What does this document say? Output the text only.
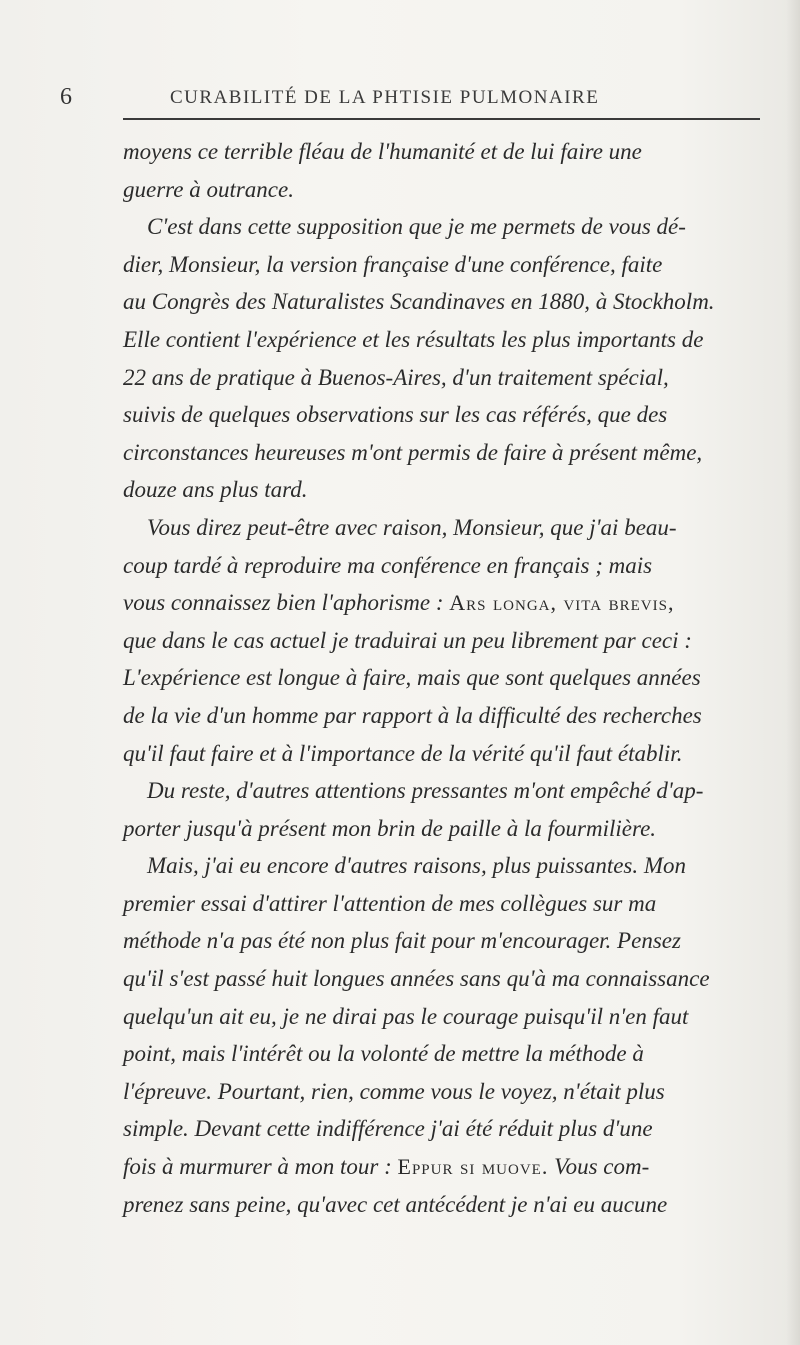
6	CURABILITÉ DE LA PHTISIE PULMONAIRE
moyens ce terrible fléau de l'humanité et de lui faire une
guerre à outrance.
C'est dans cette supposition que je me permets de vous dé-
dier, Monsieur, la version française d'une conférence, faite
au Congrès des Naturalistes Scandinaves en 1880, à Stockholm.
Elle contient l'expérience et les résultats les plus importants de
22 ans de pratique à Buenos-Aires, d'un traitement spécial,
suivis de quelques observations sur les cas référés, que des
circonstances heureuses m'ont permis de faire à présent même,
douze ans plus tard.
Vous direz peut-être avec raison, Monsieur, que j'ai beau-
coup tardé à reproduire ma conférence en français ; mais
vous connaissez bien l'aphorisme : Ars longa, vita brevis,
que dans le cas actuel je traduirai un peu librement par ceci :
L'expérience est longue à faire, mais que sont quelques années
de la vie d'un homme par rapport à la difficulté des recherches
qu'il faut faire et à l'importance de la vérité qu'il faut établir.
Du reste, d'autres attentions pressantes m'ont empêché d'ap-
porter jusqu'à présent mon brin de paille à la fourmilière.
Mais, j'ai eu encore d'autres raisons, plus puissantes. Mon
premier essai d'attirer l'attention de mes collègues sur ma
méthode n'a pas été non plus fait pour m'encourager. Pensez
qu'il s'est passé huit longues années sans qu'à ma connaissance
quelqu'un ait eu, je ne dirai pas le courage puisqu'il n'en faut
point, mais l'intérêt ou la volonté de mettre la méthode à
l'épreuve. Pourtant, rien, comme vous le voyez, n'était plus
simple. Devant cette indifférence j'ai été réduit plus d'une
fois à murmurer à mon tour : Eppur si muove. Vous com-
prenez sans peine, qu'avec cet antécédent je n'ai eu aucune
